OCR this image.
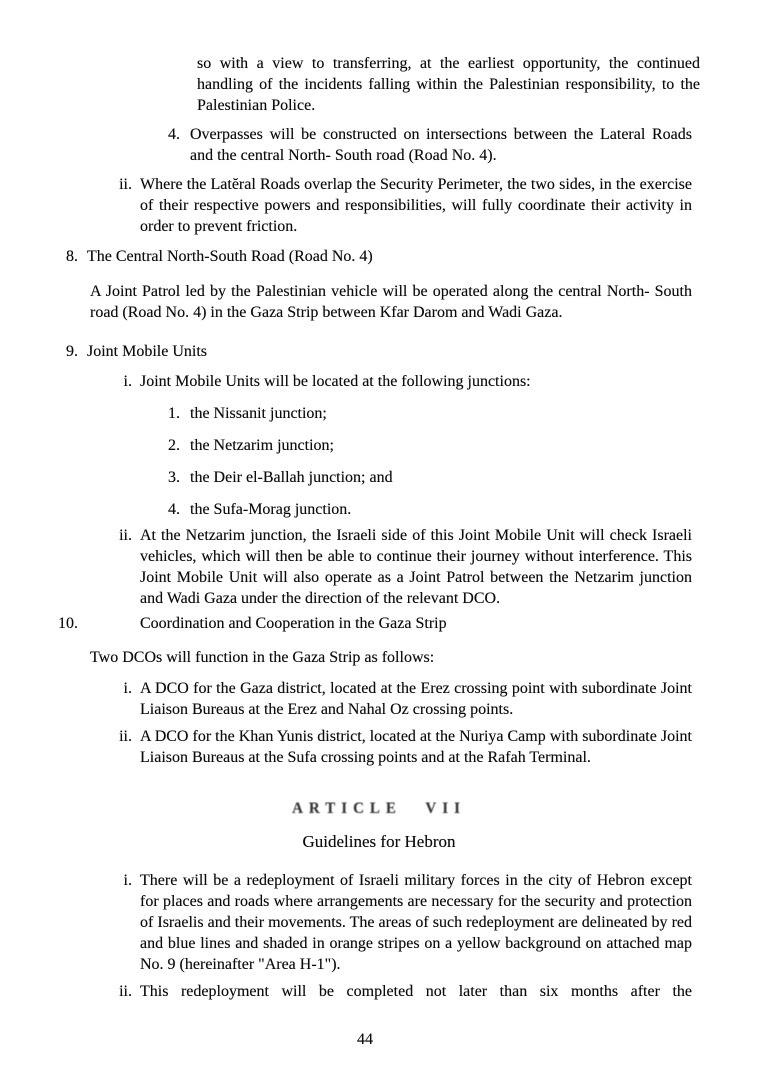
so with a view to transferring, at the earliest opportunity, the continued handling of the incidents falling within the Palestinian responsibility, to the Palestinian Police.
4. Overpasses will be constructed on intersections between the Lateral Roads and the central North- South road (Road No. 4).
ii. Where the Latĕral Roads overlap the Security Perimeter, the two sides, in the exercise of their respective powers and responsibilities, will fully coordinate their activity in order to prevent friction.
8. The Central North-South Road (Road No. 4)
A Joint Patrol led by the Palestinian vehicle will be operated along the central North- South road (Road No. 4) in the Gaza Strip between Kfar Darom and Wadi Gaza.
9. Joint Mobile Units
i. Joint Mobile Units will be located at the following junctions:
1. the Nissanit junction;
2. the Netzarim junction;
3. the Deir el-Ballah junction; and
4. the Sufa-Morag junction.
ii. At the Netzarim junction, the Israeli side of this Joint Mobile Unit will check Israeli vehicles, which will then be able to continue their journey without interference. This Joint Mobile Unit will also operate as a Joint Patrol between the Netzarim junction and Wadi Gaza under the direction of the relevant DCO.
10.	Coordination and Cooperation in the Gaza Strip
Two DCOs will function in the Gaza Strip as follows:
i. A DCO for the Gaza district, located at the Erez crossing point with subordinate Joint Liaison Bureaus at the Erez and Nahal Oz crossing points.
ii. A DCO for the Khan Yunis district, located at the Nuriya Camp with subordinate Joint Liaison Bureaus at the Sufa crossing points and at the Rafah Terminal.
ARTICLE VII
Guidelines for Hebron
i. There will be a redeployment of Israeli military forces in the city of Hebron except for places and roads where arrangements are necessary for the security and protection of Israelis and their movements. The areas of such redeployment are delineated by red and blue lines and shaded in orange stripes on a yellow background on attached map No. 9 (hereinafter "Area H-1").
ii. This redeployment will be completed not later than six months after the
44
